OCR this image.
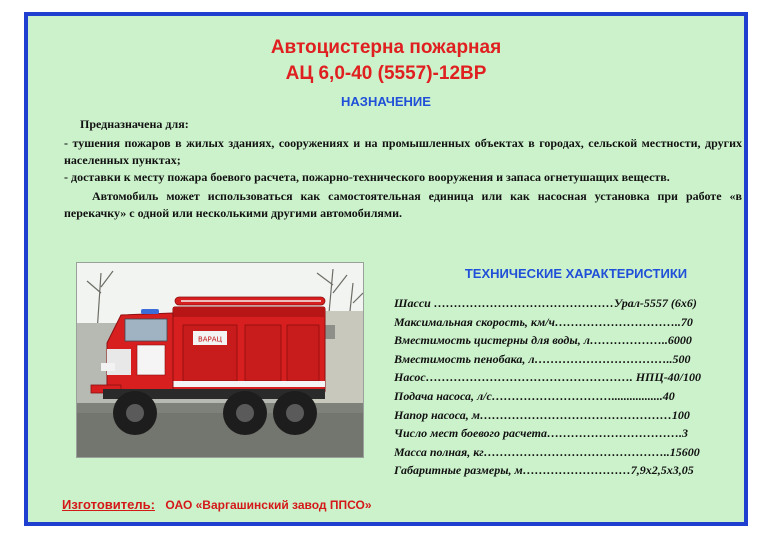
Автоцистерна пожарная
АЦ 6,0-40 (5557)-12ВР
НАЗНАЧЕНИЕ

Предназначена для:

- тушения пожаров в жилых зданиях, сооружениях и на промышленных объектах в городах, сельской местности, других населенных пунктах;

- доставки к месту пожара боевого расчета, пожарно-технического вооружения и запаса огнетушащих веществ.

Автомобиль может использоваться как самостоятельная единица или как насосная установка при работе «в перекачку» с одной или несколькими другими автомобилями.

ВАРАЦ
ТЕХНИЧЕСКИЕ ХАРАКТЕРИСТИКИ
Шасси ………………………………………Урал-5557 (6х6)
Максимальная скорость, км/ч…………………………..70
Вместимость цистерны для воды, л………………..6000
Вместимость пенобака, л……………………………..500
Насос……………………………………………. НПЦ-40/100
Подача насоса, л/с………………………….................40
Напор насоса, м…………………………………………100
Число мест боевого расчета…………………………….3
Масса полная, кг………………………………………..15600
Габаритные размеры, м………………………7,9х2,5х3,05
Изготовитель: ОАО «Варгашинский завод ППСО»
